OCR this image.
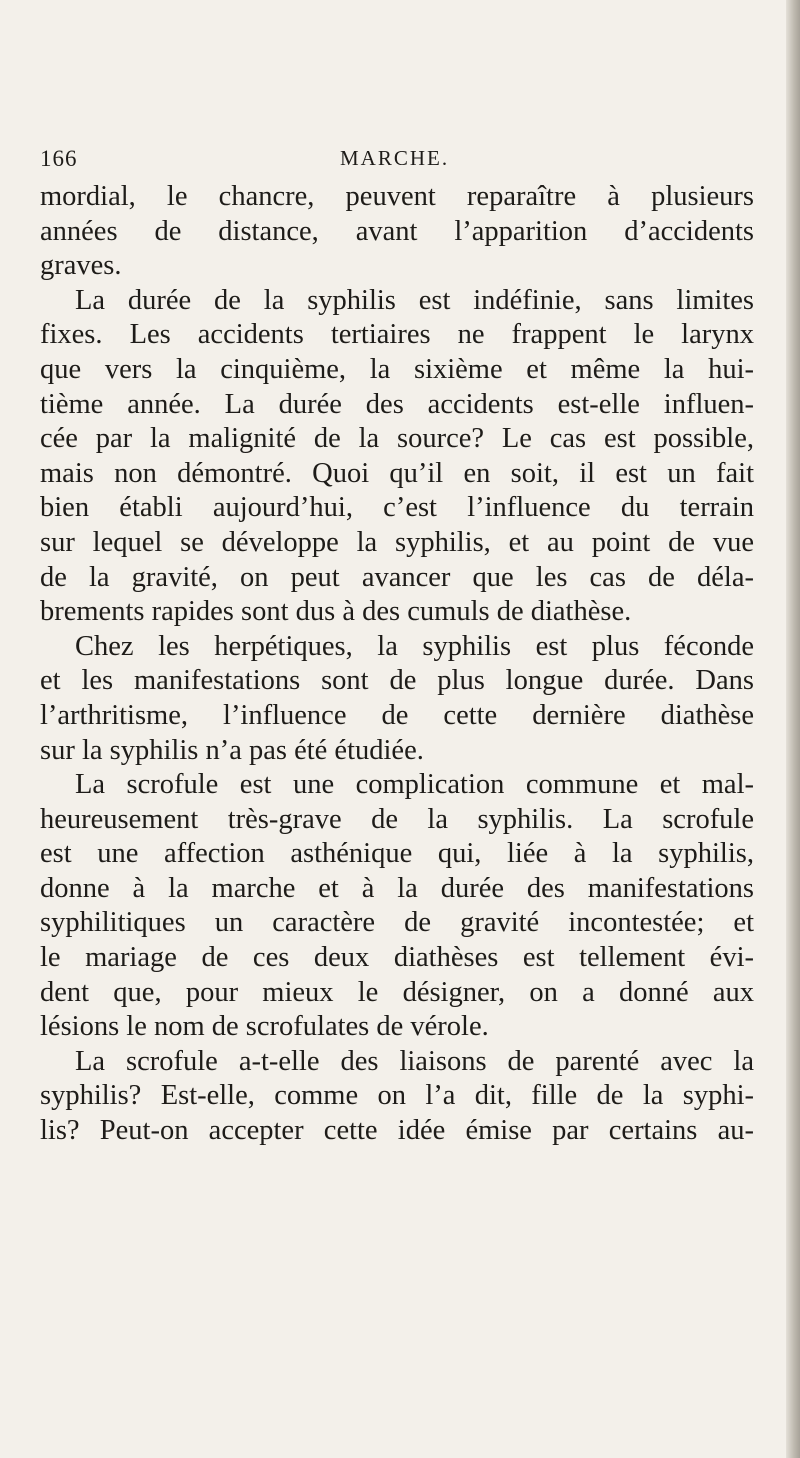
166	MARCHE.
mordial, le chancre, peuvent reparaître à plusieurs
années de distance, avant l’apparition d’accidents
graves.
La durée de la syphilis est indéfinie, sans limites
fixes. Les accidents tertiaires ne frappent le larynx
que vers la cinquième, la sixième et même la hui-
tième année. La durée des accidents est-elle influen-
cée par la malignité de la source? Le cas est possible,
mais non démontré. Quoi qu’il en soit, il est un fait
bien établi aujourd’hui, c’est l’influence du terrain
sur lequel se développe la syphilis, et au point de vue
de la gravité, on peut avancer que les cas de déla-
brements rapides sont dus à des cumuls de diathèse.
Chez les herpétiques, la syphilis est plus féconde
et les manifestations sont de plus longue durée. Dans
l’arthritisme, l’influence de cette dernière diathèse
sur la syphilis n’a pas été étudiée.
La scrofule est une complication commune et mal-
heureusement très-grave de la syphilis. La scrofule
est une affection asthénique qui, liée à la syphilis,
donne à la marche et à la durée des manifestations
syphilitiques un caractère de gravité incontestée; et
le mariage de ces deux diathèses est tellement évi-
dent que, pour mieux le désigner, on a donné aux
lésions le nom de scrofulates de vérole.
La scrofule a-t-elle des liaisons de parenté avec la
syphilis? Est-elle, comme on l’a dit, fille de la syphi-
lis? Peut-on accepter cette idée émise par certains au-
